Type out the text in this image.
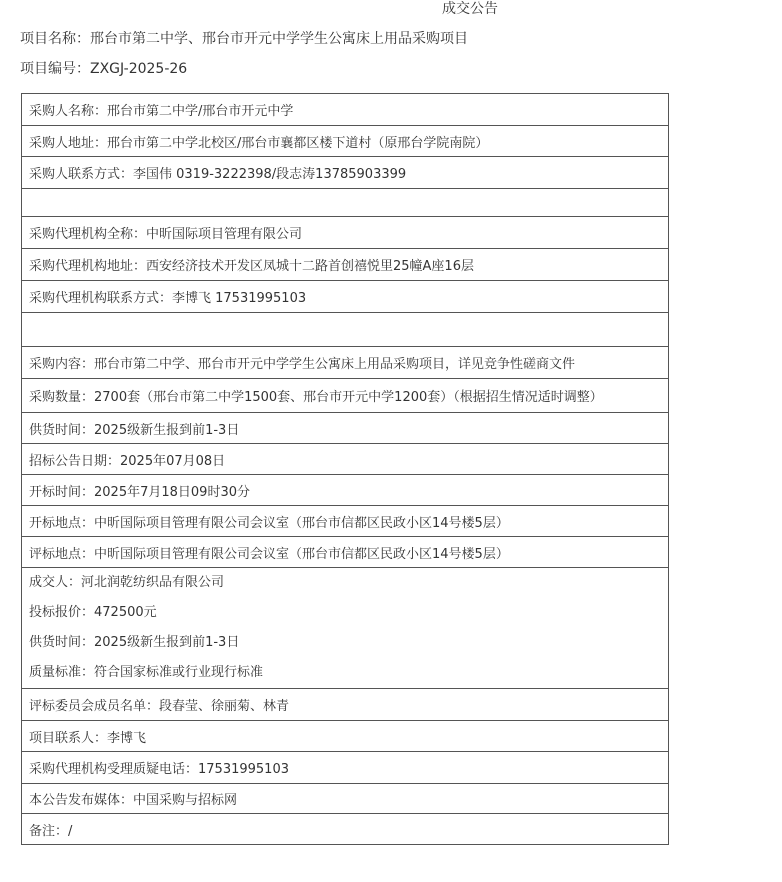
成交公告
项目名称：邢台市第二中学、邢台市开元中学学生公寓床上用品采购项目
项目编号：ZXGJ-2025-26
采购人名称：邢台市第二中学/邢台市开元中学
采购人地址：邢台市第二中学北校区/邢台市襄都区楼下道村（原邢台学院南院）
采购人联系方式：李国伟 0319-3222398/段志涛13785903399
采购代理机构全称：中昕国际项目管理有限公司
采购代理机构地址：西安经济技术开发区凤城十二路首创禧悦里25幢A座16层
采购代理机构联系方式：李博飞 17531995103
采购内容：邢台市第二中学、邢台市开元中学学生公寓床上用品采购项目，详见竞争性磋商文件
采购数量：2700套（邢台市第二中学1500套、邢台市开元中学1200套）（根据招生情况适时调整）
供货时间：2025级新生报到前1-3日
招标公告日期：2025年07月08日
开标时间：2025年7月18日09时30分
开标地点：中昕国际项目管理有限公司会议室（邢台市信都区民政小区14号楼5层）
评标地点：中昕国际项目管理有限公司会议室（邢台市信都区民政小区14号楼5层）
成交人：河北润乾纺织品有限公司
投标报价：472500元
供货时间：2025级新生报到前1-3日
质量标准：符合国家标准或行业现行标准
评标委员会成员名单：段春莹、徐丽菊、林青
项目联系人：李博飞
采购代理机构受理质疑电话：17531995103
本公告发布媒体：中国采购与招标网
备注：/
